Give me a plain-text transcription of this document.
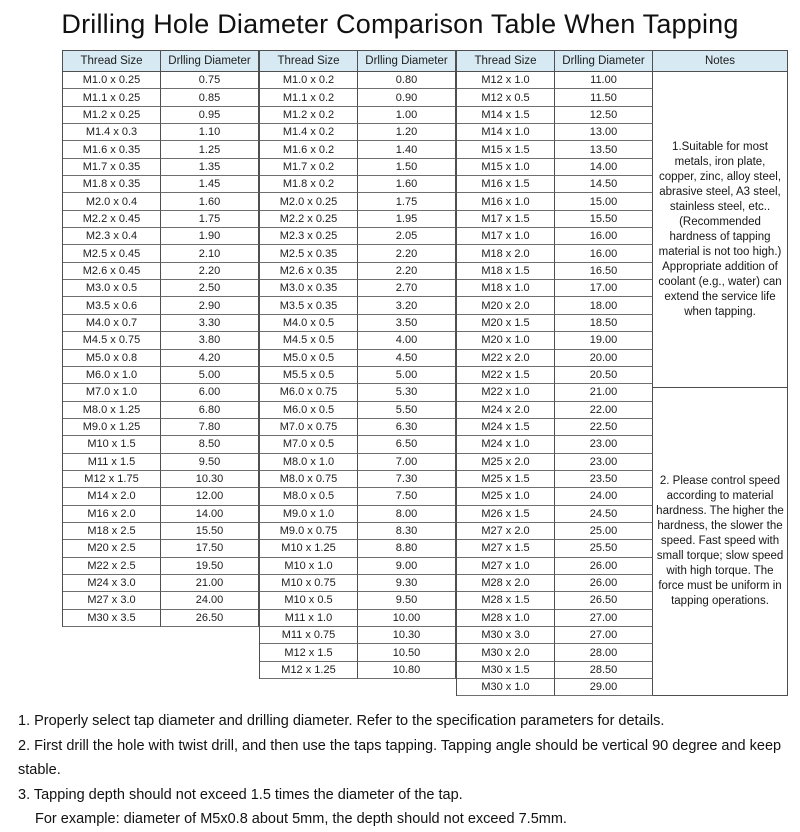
Drilling Hole Diameter Comparison Table When Tapping
Thread Size	Drlling Diameter
M1.0 x 0.25	0.75
M1.1 x 0.25	0.85
M1.2 x 0.25	0.95
M1.4 x 0.3	1.10
M1.6 x 0.35	1.25
M1.7 x 0.35	1.35
M1.8 x 0.35	1.45
M2.0 x 0.4	1.60
M2.2 x 0.45	1.75
M2.3 x 0.4	1.90
M2.5 x 0.45	2.10
M2.6 x 0.45	2.20
M3.0 x 0.5	2.50
M3.5 x 0.6	2.90
M4.0 x 0.7	3.30
M4.5 x 0.75	3.80
M5.0 x 0.8	4.20
M6.0 x 1.0	5.00
M7.0 x 1.0	6.00
M8.0 x 1.25	6.80
M9.0 x 1.25	7.80
M10 x 1.5	8.50
M11 x 1.5	9.50
M12 x 1.75	10.30
M14 x 2.0	12.00
M16 x 2.0	14.00
M18 x 2.5	15.50
M20 x 2.5	17.50
M22 x 2.5	19.50
M24 x 3.0	21.00
M27 x 3.0	24.00
M30 x 3.5	26.50
Thread Size	Drlling Diameter
M1.0 x 0.2	0.80
M1.1 x 0.2	0.90
M1.2 x 0.2	1.00
M1.4 x 0.2	1.20
M1.6 x 0.2	1.40
M1.7 x 0.2	1.50
M1.8 x 0.2	1.60
M2.0 x 0.25	1.75
M2.2 x 0.25	1.95
M2.3 x 0.25	2.05
M2.5 x 0.35	2.20
M2.6 x 0.35	2.20
M3.0 x 0.35	2.70
M3.5 x 0.35	3.20
M4.0 x 0.5	3.50
M4.5 x 0.5	4.00
M5.0 x 0.5	4.50
M5.5 x 0.5	5.00
M6.0 x 0.75	5.30
M6.0 x 0.5	5.50
M7.0 x 0.75	6.30
M7.0 x 0.5	6.50
M8.0 x 1.0	7.00
M8.0 x 0.75	7.30
M8.0 x 0.5	7.50
M9.0 x 1.0	8.00
M9.0 x 0.75	8.30
M10 x 1.25	8.80
M10 x 1.0	9.00
M10 x 0.75	9.30
M10 x 0.5	9.50
M11 x 1.0	10.00
M11 x 0.75	10.30
M12 x 1.5	10.50
M12 x 1.25	10.80
Thread Size	Drlling Diameter
M12 x 1.0	11.00
M12 x 0.5	11.50
M14 x 1.5	12.50
M14 x 1.0	13.00
M15 x 1.5	13.50
M15 x 1.0	14.00
M16 x 1.5	14.50
M16 x 1.0	15.00
M17 x 1.5	15.50
M17 x 1.0	16.00
M18 x 2.0	16.00
M18 x 1.5	16.50
M18 x 1.0	17.00
M20 x 2.0	18.00
M20 x 1.5	18.50
M20 x 1.0	19.00
M22 x 2.0	20.00
M22 x 1.5	20.50
M22 x 1.0	21.00
M24 x 2.0	22.00
M24 x 1.5	22.50
M24 x 1.0	23.00
M25 x 2.0	23.00
M25 x 1.5	23.50
M25 x 1.0	24.00
M26 x 1.5	24.50
M27 x 2.0	25.00
M27 x 1.5	25.50
M27 x 1.0	26.00
M28 x 2.0	26.00
M28 x 1.5	26.50
M28 x 1.0	27.00
M30 x 3.0	27.00
M30 x 2.0	28.00
M30 x 1.5	28.50
M30 x 1.0	29.00
Notes
1.Suitable for most metals, iron plate, copper, zinc, alloy steel, abrasive steel, A3 steel, stainless steel, etc..(Recommended hardness of tapping material is not too high.) Appropriate addition of coolant (e.g., water) can extend the service life when tapping.
2. Please control speed according to material hardness. The higher the hardness, the slower the speed. Fast speed with small torque; slow speed with high torque. The force must be uniform in tapping operations.
1. Properly select tap diameter and drilling diameter. Refer to the specification parameters for details.
2. First drill the hole with twist drill, and then use the taps tapping. Tapping angle should be vertical 90 degree and keep stable.
3. Tapping depth should not exceed 1.5 times the diameter of the tap.
For example: diameter of M5x0.8 about 5mm, the depth should not exceed 7.5mm.
